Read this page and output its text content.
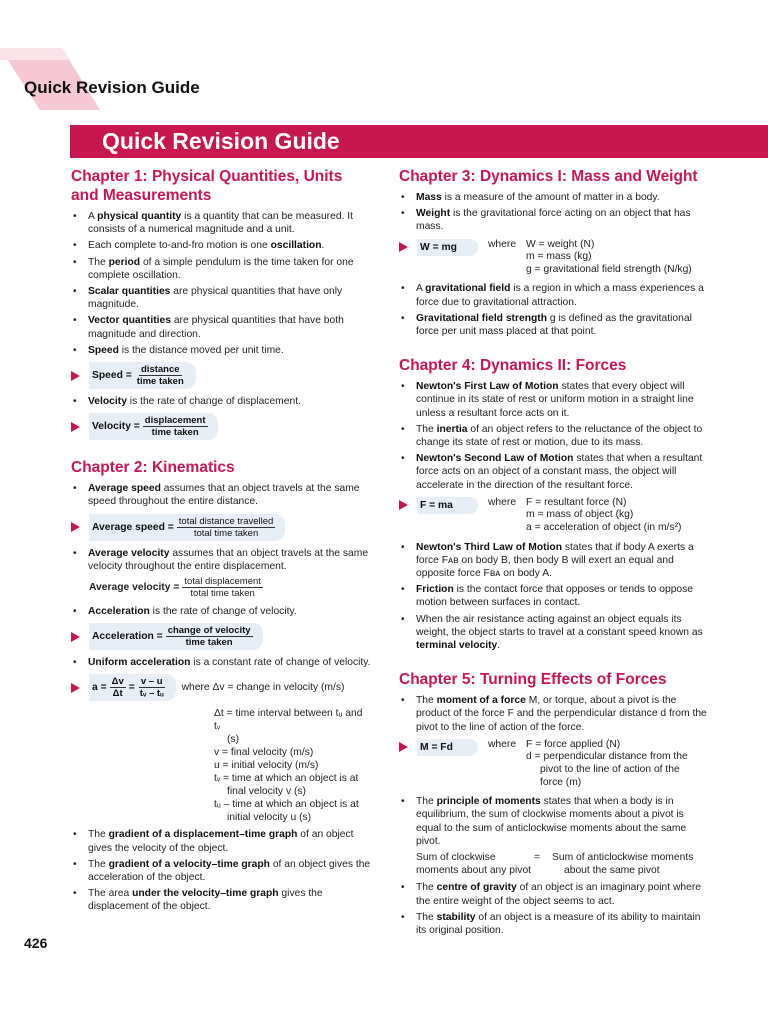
Quick Revision Guide
Quick Revision Guide
Chapter 1: Physical Quantities, Units and Measurements
• A physical quantity is a quantity that can be measured. It consists of a numerical magnitude and a unit.
• Each complete to-and-fro motion is one oscillation.
• The period of a simple pendulum is the time taken for one complete oscillation.
• Scalar quantities are physical quantities that have only magnitude.
• Vector quantities are physical quantities that have both magnitude and direction.
• Speed is the distance moved per unit time.
Speed = $\frac{\text{distance}}{\text{time taken}}$
• Velocity is the rate of change of displacement.
Velocity = $\frac{\text{displacement}}{\text{time taken}}$
Chapter 2: Kinematics
• Average speed assumes that an object travels at the same speed throughout the entire distance.
Average speed = $\frac{\text{total distance travelled}}{\text{total time taken}}$
• Average velocity assumes that an object travels at the same velocity throughout the entire displacement.
Average velocity = $\frac{\text{total displacement}}{\text{total time taken}}$
• Acceleration is the rate of change of velocity.
Acceleration = $\frac{\text{change of velocity}}{\text{time taken}}$
• Uniform acceleration is a constant rate of change of velocity.
$a = \frac{\Delta v}{\Delta t} = \frac{v - u}{\text{tᵥ – tᵤ}}$ where Δv = change in velocity (m/s)
Δt = time interval between tᵤ and tᵥ
(s)
v = final velocity (m/s)
u = initial velocity (m/s)
tᵥ = time at which an object is at
final velocity v (s)
tᵤ – time at which an object is at
initial velocity u (s)
• The gradient of a displacement–time graph of an object gives the velocity of the object.
• The gradient of a velocity–time graph of an object gives the acceleration of the object.
• The area under the velocity–time graph gives the displacement of the object.
Chapter 3: Dynamics I: Mass and Weight
• Mass is a measure of the amount of matter in a body.
• Weight is the gravitational force acting on an object that has mass.
W = mg	where W = weight (N)
m = mass (kg)
g = gravitational field strength (N/kg)
• A gravitational field is a region in which a mass experiences a force due to gravitational attraction.
• Gravitational field strength g is defined as the gravitational force per unit mass placed at that point.
Chapter 4: Dynamics II: Forces
• Newton's First Law of Motion states that every object will continue in its state of rest or uniform motion in a straight line unless a resultant force acts on it.
• The inertia of an object refers to the reluctance of the object to change its state of rest or motion, due to its mass.
• Newton's Second Law of Motion states that when a resultant force acts on an object of a constant mass, the object will accelerate in the direction of the resultant force.
F = ma	where F = resultant force (N)
m = mass of object (kg)
a = acceleration of object (in m/s²)
• Newton's Third Law of Motion states that if body A exerts a force Fᴀʙ on body B, then body B will exert an equal and opposite force Fʙᴀ on body A.
• Friction is the contact force that opposes or tends to oppose motion between surfaces in contact.
• When the air resistance acting against an object equals its weight, the object starts to travel at a constant speed known as terminal velocity.
Chapter 5: Turning Effects of Forces
• The moment of a force M, or torque, about a pivot is the product of the force F and the perpendicular distance d from the pivot to the line of action of the force.
M = Fd	where F = force applied (N)
d = perpendicular distance from the
pivot to the line of action of the
force (m)
• The principle of moments states that when a body is in equilibrium, the sum of clockwise moments about a pivot is equal to the sum of anticlockwise moments about the same pivot.
Sum of clockwise	=	Sum of anticlockwise moments
moments about any pivot	about the same pivot
• The centre of gravity of an object is an imaginary point where the entire weight of the object seems to act.
• The stability of an object is a measure of its ability to maintain its original position.
426
